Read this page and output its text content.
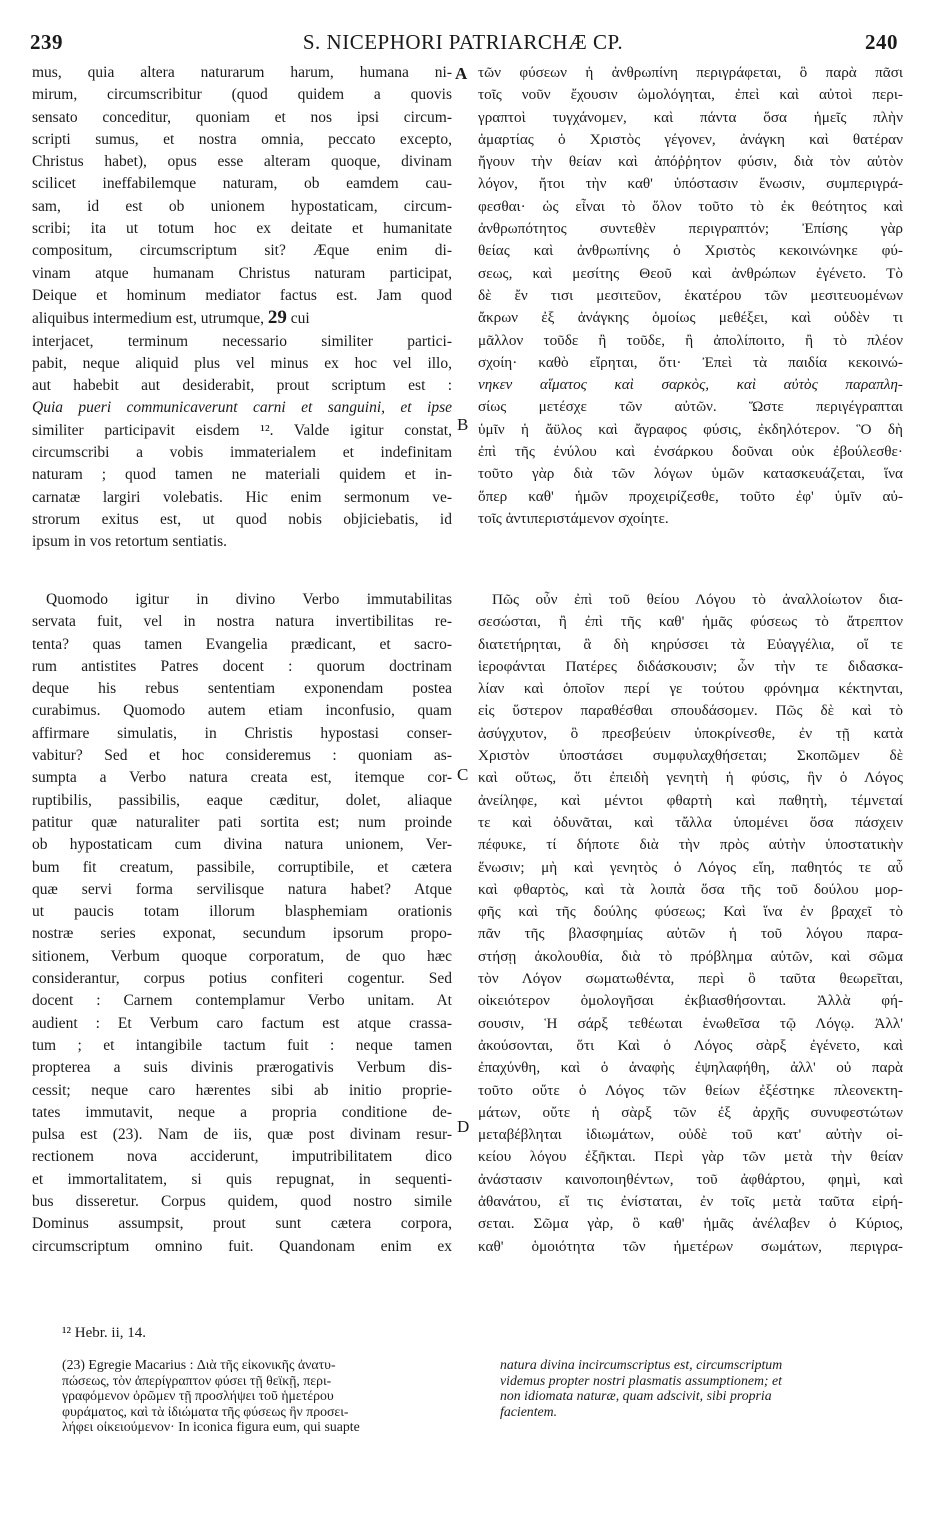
239	S. NICEPHORI PATRIARCHÆ CP.	240
A
B
C
D
mus, quia altera naturarum harum, humana ni-
mirum, circumscribitur (quod quidem a quovis
sensato conceditur, quoniam et nos ipsi circum-
scripti sumus, et nostra omnia, peccato excepto,
Christus habet), opus esse alteram quoque, divinam
scilicet ineffabilemque naturam, ob eamdem cau-
sam, id est ob unionem hypostaticam, circum-
scribi; ita ut totum hoc ex deitate et humanitate
compositum, circumscriptum sit? Æque enim di-
vinam atque humanam Christus naturam participat,
Deique et hominum mediator factus est. Jam quod
aliquibus intermedium est, utrumque, 29 cui
interjacet, terminum necessario similiter partici-
pabit, neque aliquid plus vel minus ex hoc vel illo,
aut habebit aut desiderabit, prout scriptum est :
Quia pueri communicaverunt carni et sanguini, et ipse
similiter participavit eisdem ¹². Valde igitur constat,
circumscribi a vobis immaterialem et indefinitam
naturam ; quod tamen ne materiali quidem et in-
carnatæ largiri volebatis. Hic enim sermonum ve-
strorum exitus est, ut quod nobis objiciebatis, id
ipsum in vos retortum sentiatis.
Quomodo igitur in divino Verbo immutabilitas
servata fuit, vel in nostra natura invertibilitas re-
tenta? quas tamen Evangelia prædicant, et sacro-
rum antistites Patres docent : quorum doctrinam
deque his rebus sententiam exponendam postea
curabimus. Quomodo autem etiam inconfusio, quam
affirmare simulatis, in Christis hypostasi conser-
vabitur? Sed et hoc consideremus : quoniam as-
sumpta a Verbo natura creata est, itemque cor-
ruptibilis, passibilis, eaque cæditur, dolet, aliaque
patitur quæ naturaliter pati sortita est; num proinde
ob hypostaticam cum divina natura unionem, Ver-
bum fit creatum, passibile, corruptibile, et cætera
quæ servi forma servilisque natura habet? Atque
ut paucis totam illorum blasphemiam orationis
nostræ series exponat, secundum ipsorum propo-
sitionem, Verbum quoque corporatum, de quo hæc
considerantur, corpus potius confiteri cogentur. Sed
docent : Carnem contemplamur Verbo unitam. At
audient : Et Verbum caro factum est atque crassa-
tum ; et intangibile tactum fuit : neque tamen
propterea a suis divinis prærogativis Verbum dis-
cessit; neque caro hærentes sibi ab initio proprie-
tates immutavit, neque a propria conditione de-
pulsa est (23). Nam de iis, quæ post divinam resur-
rectionem nova acciderunt, imputribilitatem dico
et immortalitatem, si quis repugnat, in sequenti-
bus disseretur. Corpus quidem, quod nostro simile
Dominus assumpsit, prout sunt cætera corpora,
circumscriptum omnino fuit. Quandonam enim ex
τῶν φύσεων ἡ ἀνθρωπίνη περιγράφεται, ὃ παρὰ πᾶσι
τοῖς νοῦν ἔχουσιν ὡμολόγηται, ἐπεὶ καὶ αὐτοὶ περι-
γραπτοὶ τυγχάνομεν, καὶ πάντα ὅσα ἡμεῖς πλὴν
ἁμαρτίας ὁ Χριστὸς γέγονεν, ἀνάγκη καὶ θατέραν
ἤγουν τὴν θείαν καὶ ἀπόῤῥητον φύσιν, διὰ τὸν αὐτὸν
λόγον, ἤτοι τὴν καθ' ὑπόστασιν ἕνωσιν, συμπεριγρά-
φεσθαι· ὡς εἶναι τὸ ὅλον τοῦτο τὸ ἐκ θεότητος καὶ
ἀνθρωπότητος συντεθὲν περιγραπτόν; Ἐπίσης γὰρ
θείας καὶ ἀνθρωπίνης ὁ Χριστὸς κεκοινώνηκε φύ-
σεως, καὶ μεσίτης Θεοῦ καὶ ἀνθρώπων ἐγένετο. Τὸ
δὲ ἔν τισι μεσιτεῦον, ἑκατέρου τῶν μεσιτευομένων
ἄκρων ἐξ ἀνάγκης ὁμοίως μεθέξει, καὶ οὐδὲν τι
μᾶλλον τοῦδε ἢ τοῦδε, ἢ ἀπολίποιτο, ἢ τὸ πλέον
σχοίη· καθὸ εἴρηται, ὅτι· Ἐπεὶ τὰ παιδία κεκοινώ-
νηκεν αἵματος καὶ σαρκὸς, καὶ αὐτὸς παραπλη-
σίως μετέσχε τῶν αὐτῶν. Ὥστε περιγέγραπται
ὑμῖν ἡ ἄϋλος καὶ ἄγραφος φύσις, ἐκδηλότερον. Ὃ δὴ
ἐπὶ τῆς ἐνύλου καὶ ἐνσάρκου δοῦναι οὐκ ἐβούλεσθε·
τοῦτο γὰρ διὰ τῶν λόγων ὑμῶν κατασκευάζεται, ἵνα
ὅπερ καθ' ἡμῶν προχειρίζεσθε, τοῦτο ἐφ' ὑμῖν αὐ-
τοῖς ἀντιπεριστάμενον σχοίητε.
Πῶς οὖν ἐπὶ τοῦ θείου Λόγου τὸ ἀναλλοίωτον δια-
σεσώσται, ἢ ἐπὶ τῆς καθ' ἡμᾶς φύσεως τὸ ἄτρεπτον
διατετήρηται, ἃ δὴ κηρύσσει τὰ Εὐαγγέλια, οἵ τε
ἱεροφάνται Πατέρες διδάσκουσιν; ὧν τὴν τε διδασκα-
λίαν καὶ ὁποῖον περί γε τούτου φρόνημα κέκτηνται,
εἰς ὕστερον παραθέσθαι σπουδάσομεν. Πῶς δὲ καὶ τὸ
ἀσύγχυτον, ὃ πρεσβεύειν ὑποκρίνεσθε, ἐν τῇ κατὰ
Χριστὸν ὑποστάσει συμφυλαχθήσεται; Σκοπῶμεν δὲ
καὶ οὕτως, ὅτι ἐπειδὴ γενητὴ ἡ φύσις, ἣν ὁ Λόγος
ἀνείληφε, καὶ μέντοι φθαρτὴ καὶ παθητὴ, τέμνεταί
τε καὶ ὀδυνᾶται, καὶ τἄλλα ὑπομένει ὅσα πάσχειν
πέφυκε, τί δήποτε διὰ τὴν πρὸς αὐτὴν ὑποστατικὴν
ἕνωσιν; μὴ καὶ γενητὸς ὁ Λόγος εἴη, παθητός τε αὖ
καὶ φθαρτὸς, καὶ τὰ λοιπὰ ὅσα τῆς τοῦ δούλου μορ-
φῆς καὶ τῆς δούλης φύσεως; Καὶ ἵνα ἐν βραχεῖ τὸ
πᾶν τῆς βλασφημίας αὐτῶν ἡ τοῦ λόγου παρα-
στήσῃ ἀκολουθία, διὰ τὸ πρόβλημα αὐτῶν, καὶ σῶμα
τὸν Λόγον σωματωθέντα, περὶ ὃ ταῦτα θεωρεῖται,
οἰκειότερον ὁμολογῆσαι ἐκβιασθήσονται. Ἀλλὰ φή-
σουσιν, Ἡ σάρξ τεθέωται ἑνωθεῖσα τῷ Λόγῳ. Ἀλλ'
ἀκούσονται, ὅτι Καὶ ὁ Λόγος σὰρξ ἐγένετο, καὶ
ἐπαχύνθη, καὶ ὁ ἀναφὴς ἐψηλαφήθη, ἀλλ' οὐ παρὰ
τοῦτο οὔτε ὁ Λόγος τῶν θείων ἐξέστηκε πλεονεκτη-
μάτων, οὔτε ἡ σὰρξ τῶν ἐξ ἀρχῆς συνυφεστώτων
μεταβέβληται ἰδιωμάτων, οὐδὲ τοῦ κατ' αὐτὴν οἰ-
κείου λόγου ἐξῆκται. Περὶ γὰρ τῶν μετὰ τὴν θείαν
ἀνάστασιν καινοποιηθέντων, τοῦ ἀφθάρτου, φημὶ, καὶ
ἀθανάτου, εἴ τις ἐνίσταται, ἐν τοῖς μετὰ ταῦτα εἰρή-
σεται. Σῶμα γὰρ, ὃ καθ' ἡμᾶς ἀνέλαβεν ὁ Κύριος,
καθ' ὁμοιότητα τῶν ἡμετέρων σωμάτων, περιγρα-
¹² Hebr. ii, 14.
(23) Egregie Macarius : Διὰ τῆς εἰκονικῆς ἀνατυ-
πώσεως, τὸν ἀπερίγραπτον φύσει τῇ θεϊκῇ, περι-
γραφόμενον ὁρῶμεν τῇ προσλήψει τοῦ ἡμετέρου
φυράματος, καὶ τὰ ἰδιώματα τῆς φύσεως ἣν προσει-
λήφει οἰκειούμενον· In iconica figura eum, qui suapte
natura divina incircumscriptus est, circumscriptum
videmus propter nostri plasmatis assumptionem; et
non idiomata naturæ, quam adscivit, sibi propria
facientem.
